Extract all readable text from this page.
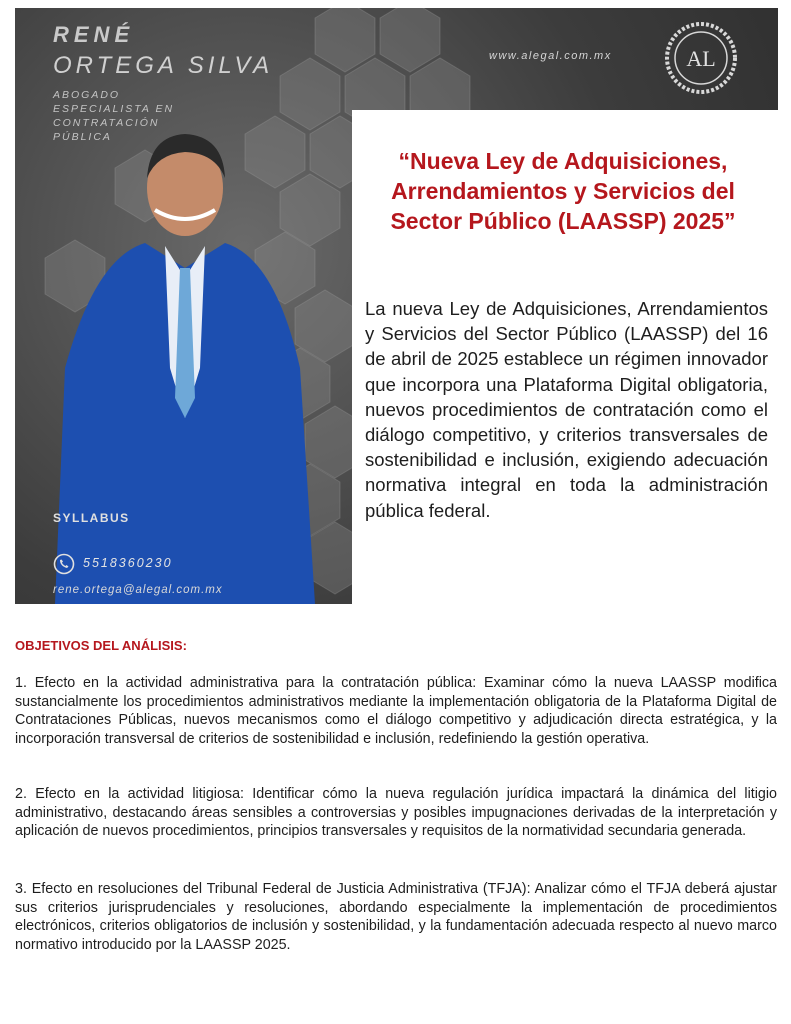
RENÉ
ORTEGA SILVA
ABOGADO ESPECIALISTA EN CONTRATACIÓN PÚBLICA
www.alegal.com.mx	AL
SYLLABUS
5518360230
rene.ortega@alegal.com.mx
“Nueva Ley de Adquisiciones, Arrendamientos y Servicios del Sector Público (LAASSP) 2025”

La nueva Ley de Adquisiciones, Arrendamientos y Servicios del Sector Público (LAASSP) del 16 de abril de 2025 establece un régimen innovador que incorpora una Plataforma Digital obligatoria, nuevos procedimientos de contratación como el diálogo competitivo, y criterios transversales de sostenibilidad e inclusión, exigiendo adecuación normativa integral en toda la administración pública federal.

OBJETIVOS DEL ANÁLISIS:

1. Efecto en la actividad administrativa para la contratación pública: Examinar cómo la nueva LAASSP modifica sustancialmente los procedimientos administrativos mediante la implementación obligatoria de la Plataforma Digital de Contrataciones Públicas, nuevos mecanismos como el diálogo competitivo y adjudicación directa estratégica, y la incorporación transversal de criterios de sostenibilidad e inclusión, redefiniendo la gestión operativa.

2. Efecto en la actividad litigiosa: Identificar cómo la nueva regulación jurídica impactará la dinámica del litigio administrativo, destacando áreas sensibles a controversias y posibles impugnaciones derivadas de la interpretación y aplicación de nuevos procedimientos, principios transversales y requisitos de la normatividad secundaria generada.

3. Efecto en resoluciones del Tribunal Federal de Justicia Administrativa (TFJA): Analizar cómo el TFJA deberá ajustar sus criterios jurisprudenciales y resoluciones, abordando especialmente la implementación de procedimientos electrónicos, criterios obligatorios de inclusión y sostenibilidad, y la fundamentación adecuada respecto al nuevo marco normativo introducido por la LAASSP 2025.
